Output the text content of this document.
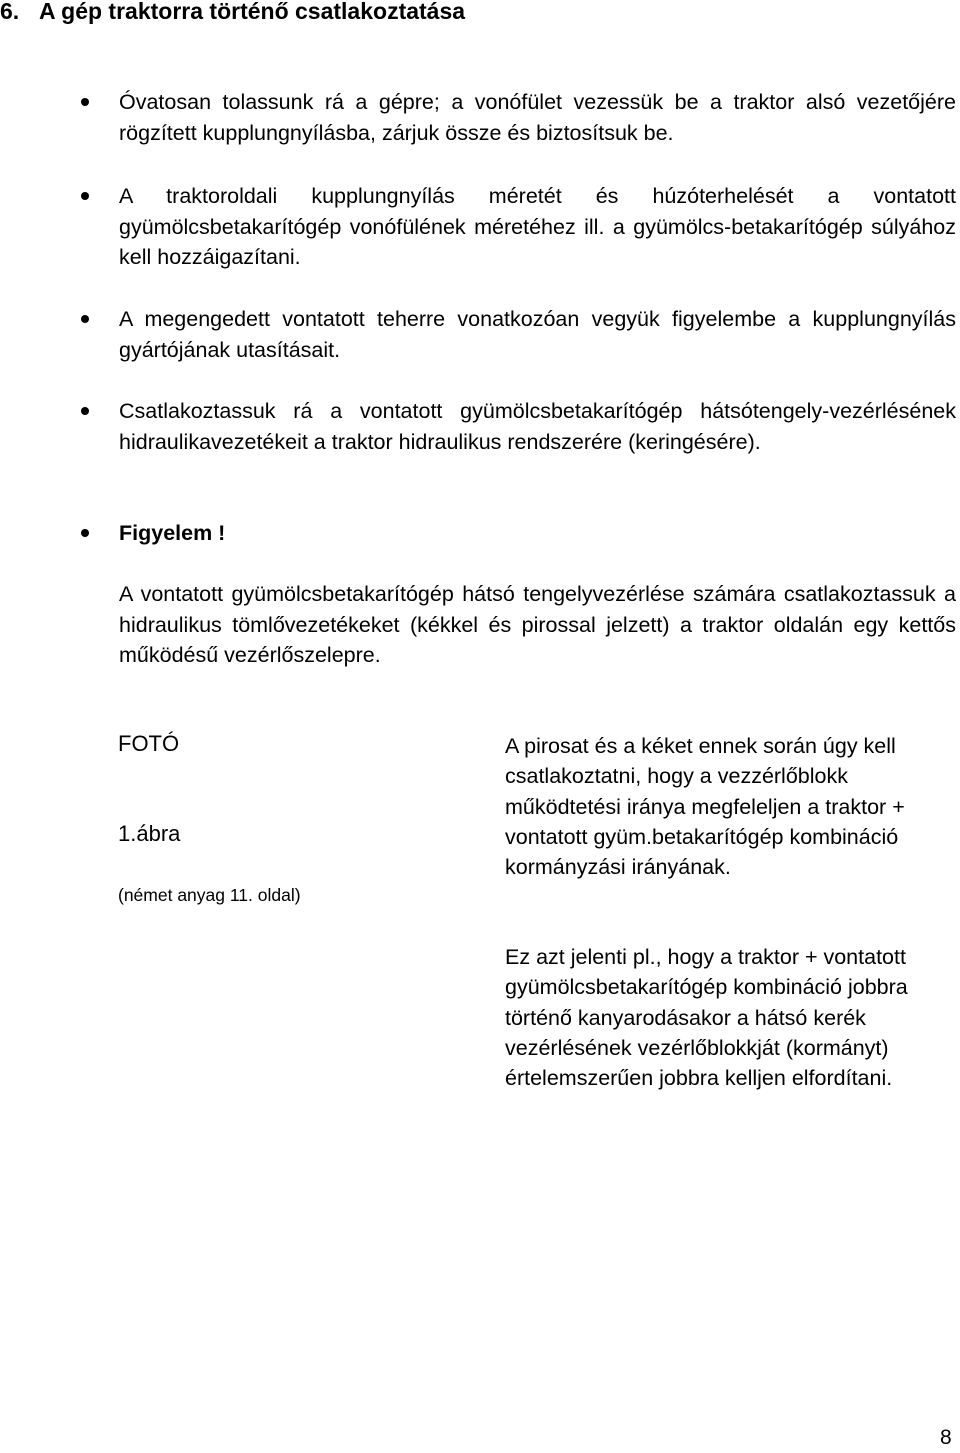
6. A gép traktorra történő csatlakoztatása
Óvatosan tolassunk rá a gépre; a vonófület vezessük be a traktor alsó vezetőjére rögzített kupplungnyílásba, zárjuk össze és biztosítsuk be.
A traktoroldali kupplungnyílás méretét és húzóterhelését a vontatott gyümölcsbetakarítógép vonófülének méretéhez ill. a gyümölcs-betakarítógép súlyához kell hozzáigazítani.
A megengedett vontatott teherre vonatkozóan vegyük figyelembe a kupplungnyílás gyártójának utasításait.
Csatlakoztassuk rá a vontatott gyümölcsbetakarítógép hátsótengely-vezérlésének hidraulikavezetékeit a traktor hidraulikus rendszerére (keringésére).
Figyelem !

A vontatott gyümölcsbetakarítógép hátsó tengelyvezérlése számára csatlakoztassuk a hidraulikus tömlővezetékeket (kékkel és pirossal jelzett) a traktor oldalán egy kettős működésű vezérlőszelepre.

FOTÓ
1.ábra
(német anyag 11. oldal)

A pirosat és a kéket ennek során úgy kell csatlakoztatni, hogy a vezzérlőblokk működtetési iránya megfeleljen a traktor + vontatott gyüm.betakarítógép kombináció kormányzási irányának.

Ez azt jelenti pl., hogy a traktor + vontatott gyümölcsbetakarítógép kombináció jobbra történő kanyarodásakor a hátsó kerék vezérlésének vezérlőblokkját (kormányt) értelemszerűen jobbra kelljen elfordítani.

8
